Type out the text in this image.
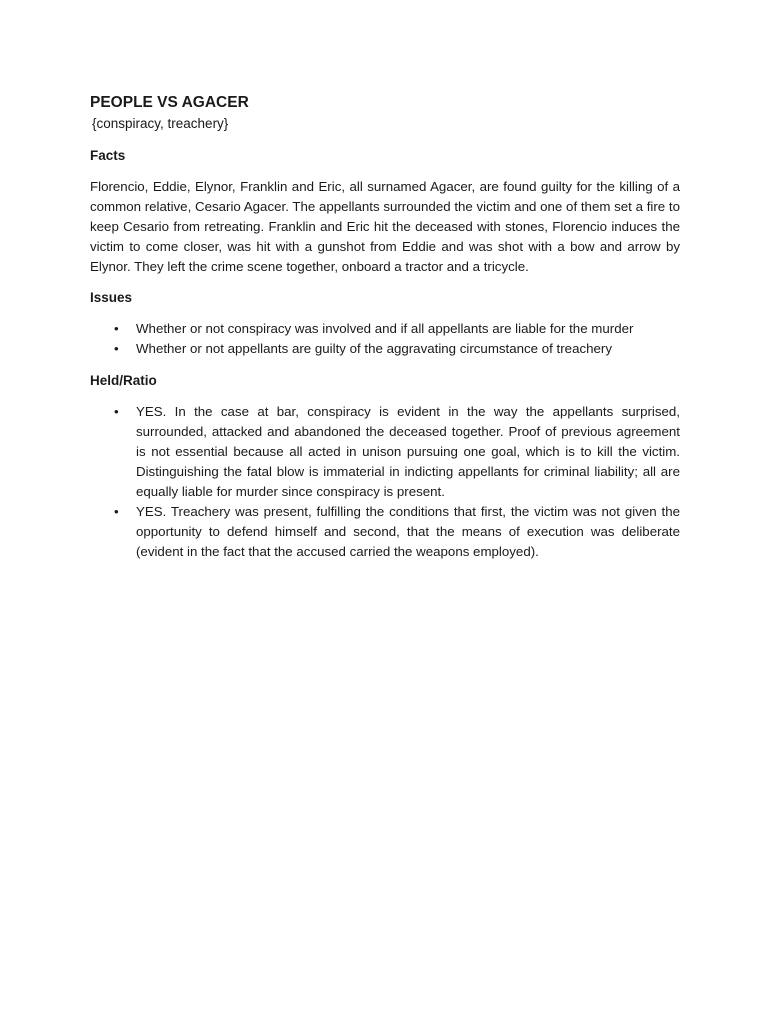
PEOPLE VS AGACER

{conspiracy, treachery}

Facts

Florencio, Eddie, Elynor, Franklin and Eric, all surnamed Agacer, are found guilty for the killing of a common relative, Cesario Agacer. The appellants surrounded the victim and one of them set a fire to keep Cesario from retreating. Franklin and Eric hit the deceased with stones, Florencio induces the victim to come closer, was hit with a gunshot from Eddie and was shot with a bow and arrow by Elynor. They left the crime scene together, onboard a tractor and a tricycle.

Issues
• Whether or not conspiracy was involved and if all appellants are liable for the murder
• Whether or not appellants are guilty of the aggravating circumstance of treachery
Held/Ratio
• YES. In the case at bar, conspiracy is evident in the way the appellants surprised, surrounded, attacked and abandoned the deceased together. Proof of previous agreement is not essential because all acted in unison pursuing one goal, which is to kill the victim. Distinguishing the fatal blow is immaterial in indicting appellants for criminal liability; all are equally liable for murder since conspiracy is present.
• YES. Treachery was present, fulfilling the conditions that first, the victim was not given the opportunity to defend himself and second, that the means of execution was deliberate (evident in the fact that the accused carried the weapons employed).
